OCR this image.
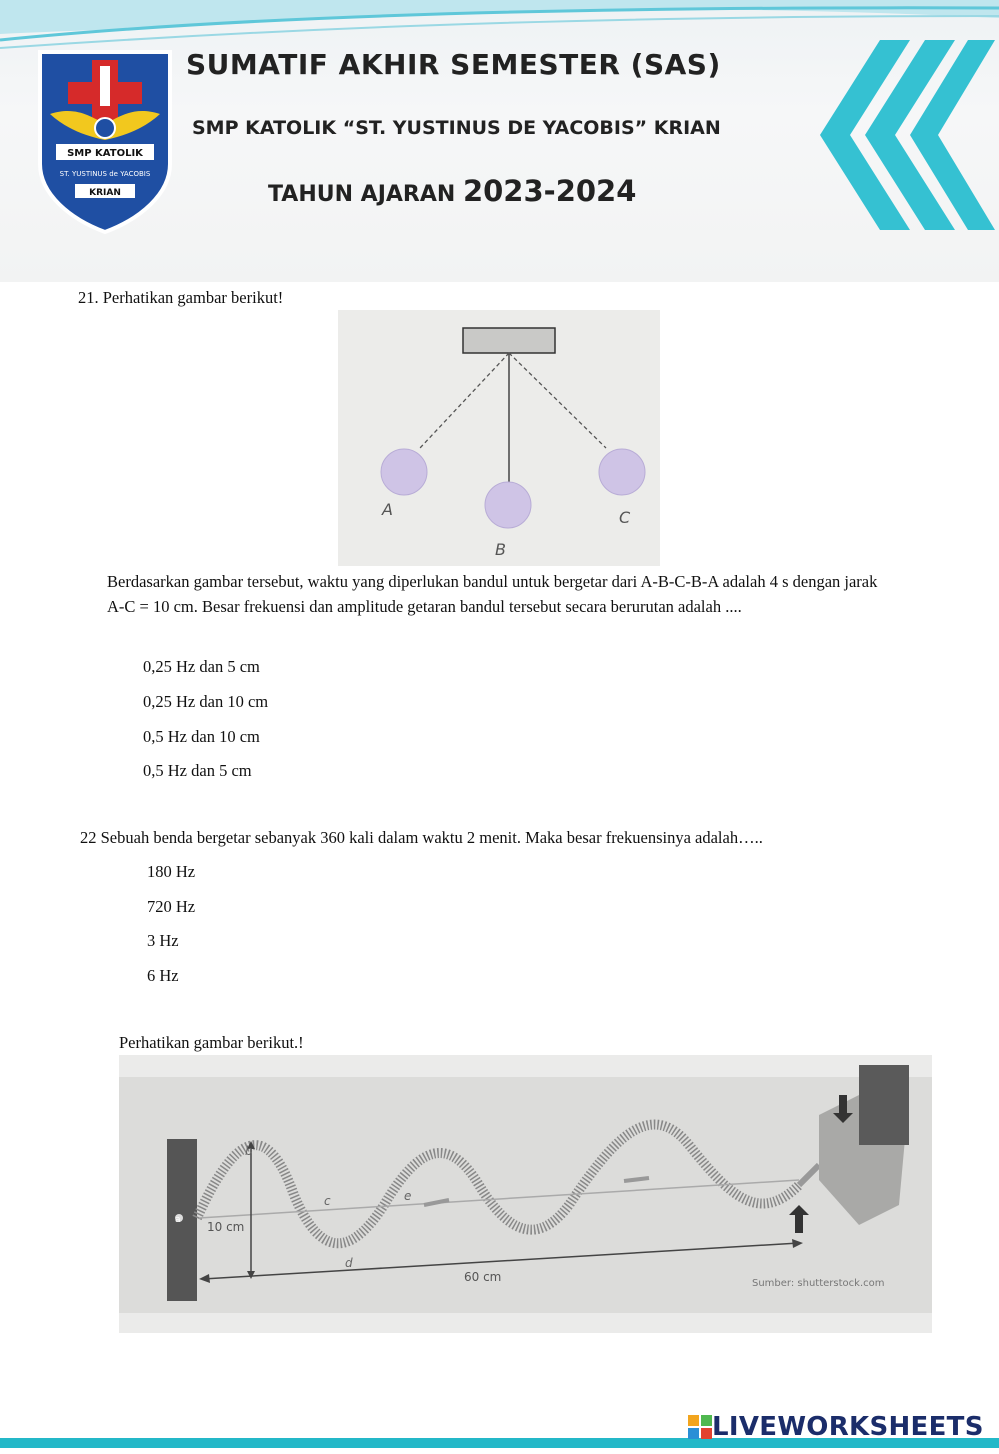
SMP KATOLIK
ST. YUSTINUS de YACOBIS
KRIAN
SUMATIF AKHIR SEMESTER (SAS)
SMP KATOLIK “ST. YUSTINUS DE YACOBIS” KRIAN
TAHUN AJARAN 2023-2024
21. Perhatikan gambar berikut!
A
B
C
Berdasarkan gambar tersebut, waktu yang diperlukan bandul untuk bergetar dari A-B-C-B-A adalah 4 s dengan jarak A-C = 10 cm. Besar frekuensi dan amplitude getaran bandul tersebut secara berurutan adalah ....
0,25 Hz dan 5 cm
0,25 Hz dan 10 cm
0,5 Hz dan 10 cm
0,5 Hz dan 5 cm
22 Sebuah benda bergetar sebanyak 360 kali dalam waktu 2 menit. Maka besar frekuensinya adalah…..
180 Hz
720 Hz
3 Hz
6 Hz
Perhatikan gambar berikut.!
a
b
c
d
e
10 cm
60 cm	Sumber: shutterstock.com
LIVEWORKSHEETS
